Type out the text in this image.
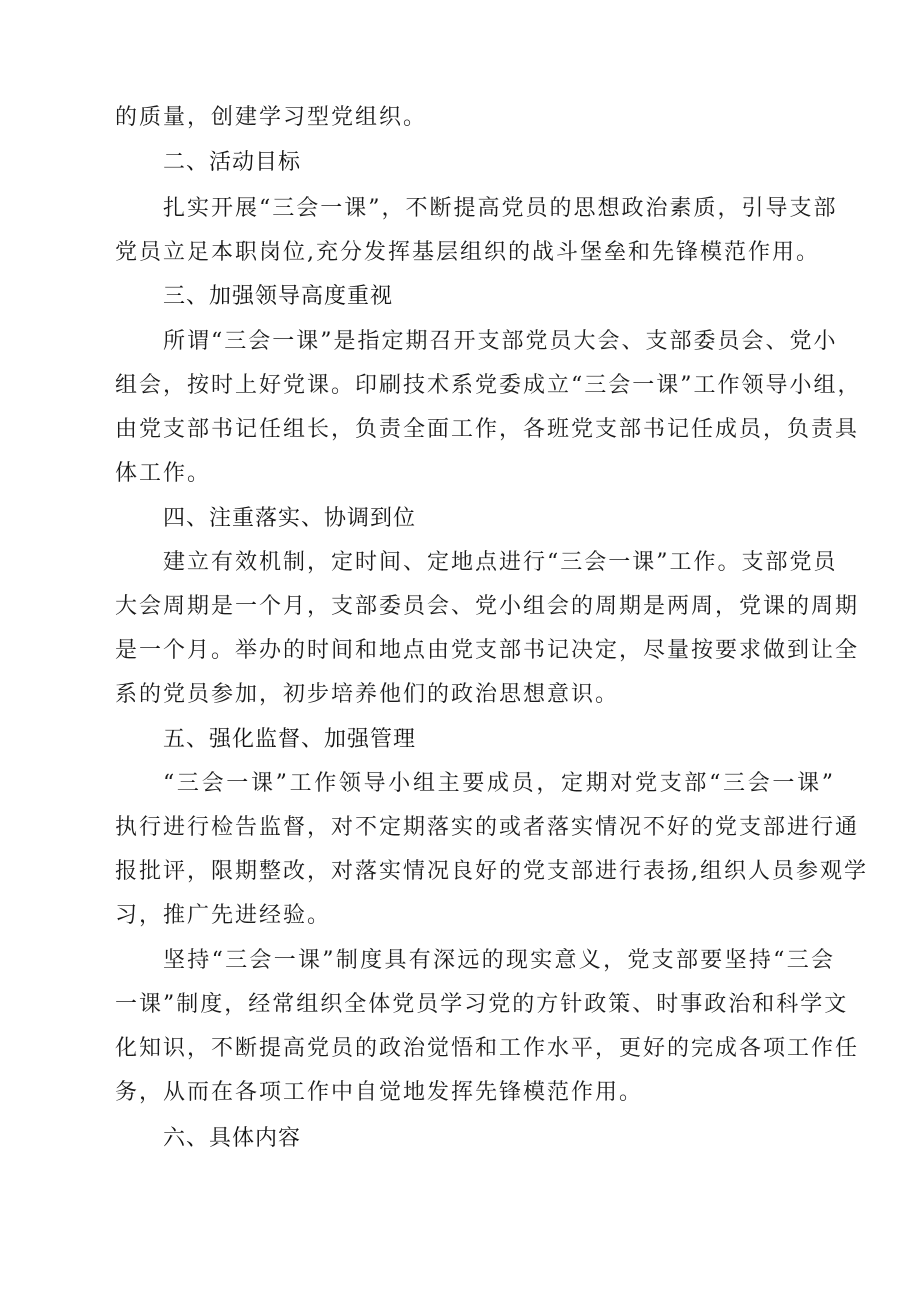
的质量，创建学习型党组织。
二、活动目标
扎实开展“三会一课”，不断提高党员的思想政治素质，引导支部
党员立足本职岗位,充分发挥基层组织的战斗堡垒和先锋模范作用。
三、加强领导高度重视
所谓“三会一课”是指定期召开支部党员大会、支部委员会、党小
组会，按时上好党课。印刷技术系党委成立“三会一课”工作领导小组，
由党支部书记任组长，负责全面工作，各班党支部书记任成员，负责具
体工作。
四、注重落实、协调到位
建立有效机制，定时间、定地点进行“三会一课”工作。支部党员
大会周期是一个月，支部委员会、党小组会的周期是两周，党课的周期
是一个月。举办的时间和地点由党支部书记决定，尽量按要求做到让全
系的党员参加，初步培养他们的政治思想意识。
五、强化监督、加强管理
“三会一课”工作领导小组主要成员，定期对党支部“三会一课”
执行进行检告监督，对不定期落实的或者落实情况不好的党支部进行通
报批评，限期整改，对落实情况良好的党支部进行表扬,组织人员参观学
习，推广先进经验。
坚持“三会一课”制度具有深远的现实意义，党支部要坚持“三会
一课”制度，经常组织全体党员学习党的方针政策、时事政治和科学文
化知识，不断提高党员的政治觉悟和工作水平，更好的完成各项工作任
务，从而在各项工作中自觉地发挥先锋模范作用。
六、具体内容
